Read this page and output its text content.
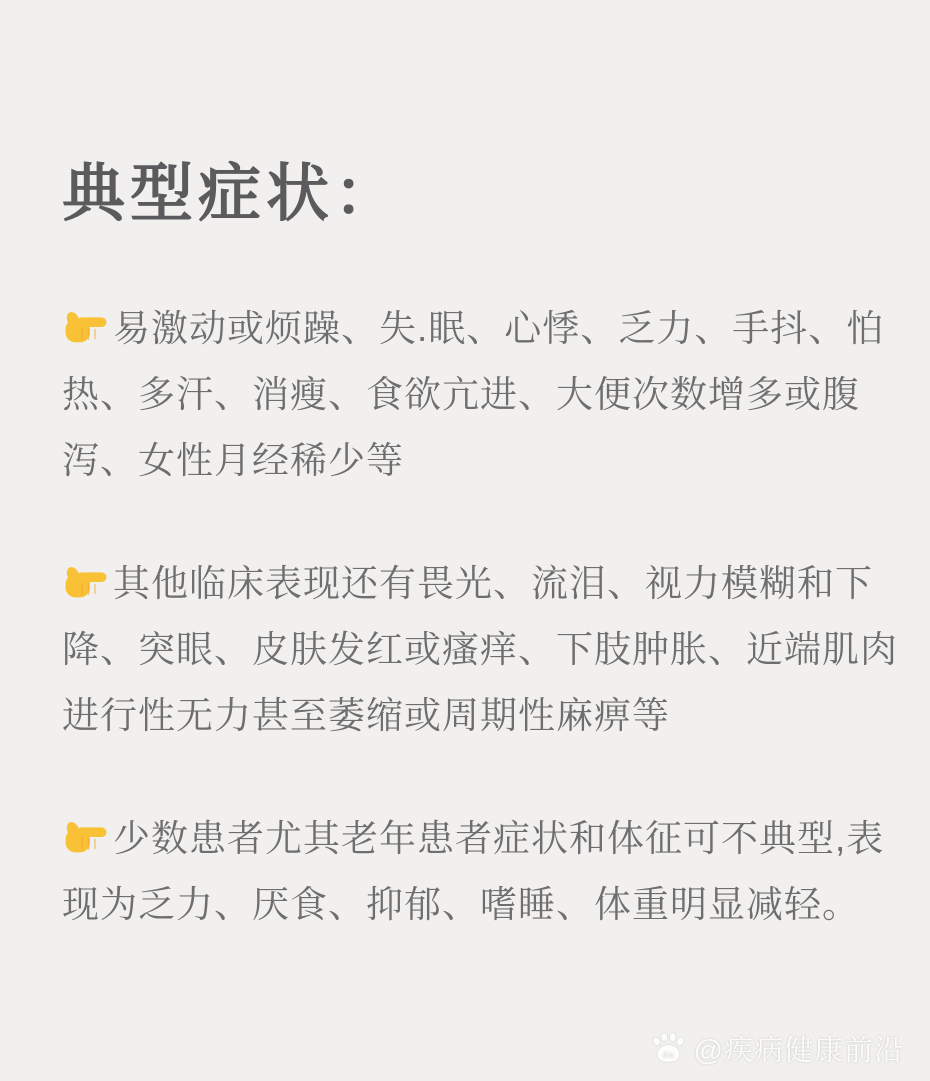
典型症状：
易激动或烦躁、失.眠、心悸、乏力、手抖、怕
热、多汗、消瘦、食欲亢进、大便次数增多或腹
泻、女性月经稀少等
其他临床表现还有畏光、流泪、视力模糊和下
降、突眼、皮肤发红或瘙痒、下肢肿胀、近端肌肉
进行性无力甚至萎缩或周期性麻痹等
少数患者尤其老年患者症状和体征可不典型,表
现为乏力、厌食、抑郁、嗜睡、体重明显减轻。
du @疾病健康前沿
